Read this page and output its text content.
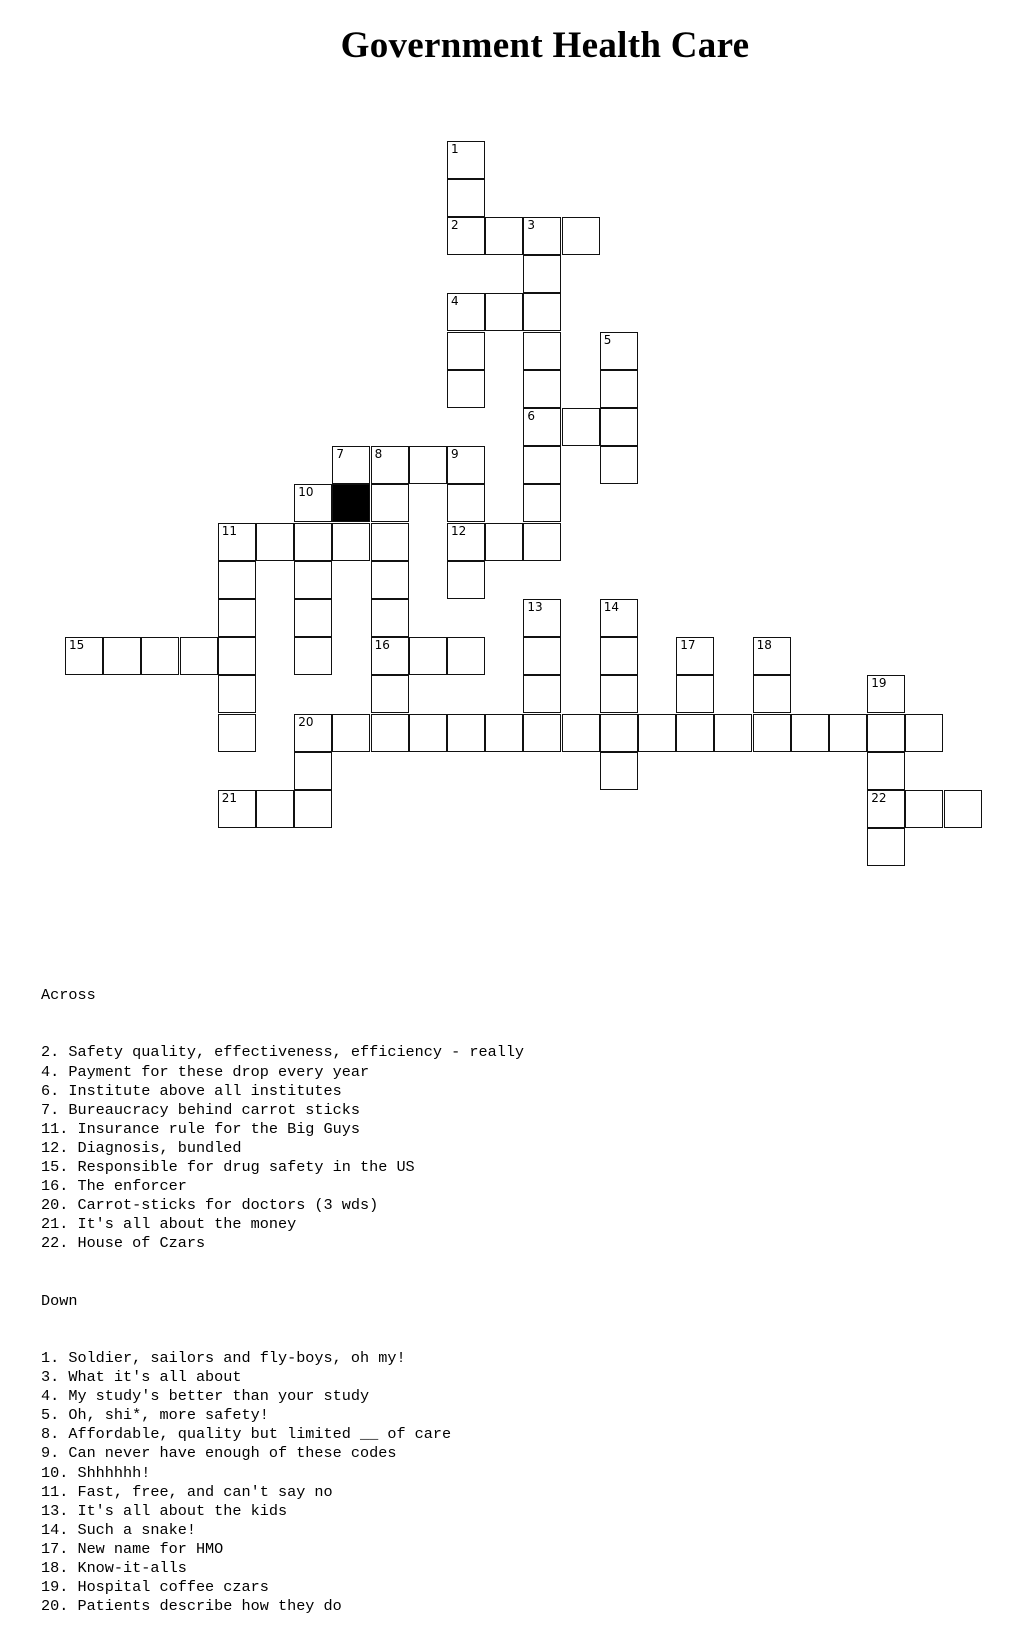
Government Health Care
1
2	3
4
5
6
7	8	9
10
11	12
13	14
15	16	17	18
19
20
21	22

Across

2. Safety quality, effectiveness, efficiency - really
4. Payment for these drop every year
6. Institute above all institutes
7. Bureaucracy behind carrot sticks
11. Insurance rule for the Big Guys
12. Diagnosis, bundled
15. Responsible for drug safety in the US
16. The enforcer
20. Carrot-sticks for doctors (3 wds)
21. It's all about the money
22. House of Czars

Down

1. Soldier, sailors and fly-boys, oh my!
3. What it's all about
4. My study's better than your study
5. Oh, shi*, more safety!
8. Affordable, quality but limited __ of care
9. Can never have enough of these codes
10. Shhhhhh!
11. Fast, free, and can't say no
13. It's all about the kids
14. Such a snake!
17. New name for HMO
18. Know-it-alls
19. Hospital coffee czars
20. Patients describe how they do
